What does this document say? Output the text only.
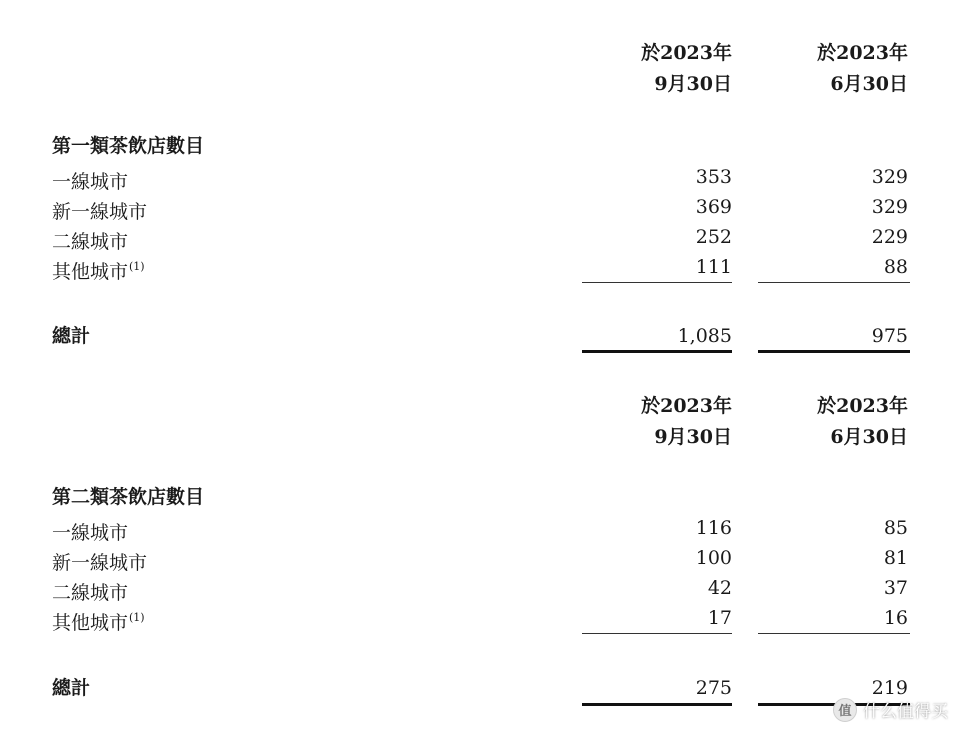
於2023年
9月30日
於2023年
6月30日
第一類茶飲店數目
一線城市	353	329
新一線城市	369	329
二線城市	252	229
其他城市$^{(1)}$	111	88
總計	1,085	975
於2023年
9月30日
於2023年
6月30日
第二類茶飲店數目
一線城市	116	85
新一線城市	100	81
二線城市	42	37
其他城市$^{(1)}$	17	16
總計	275	219
值 什么值得买
